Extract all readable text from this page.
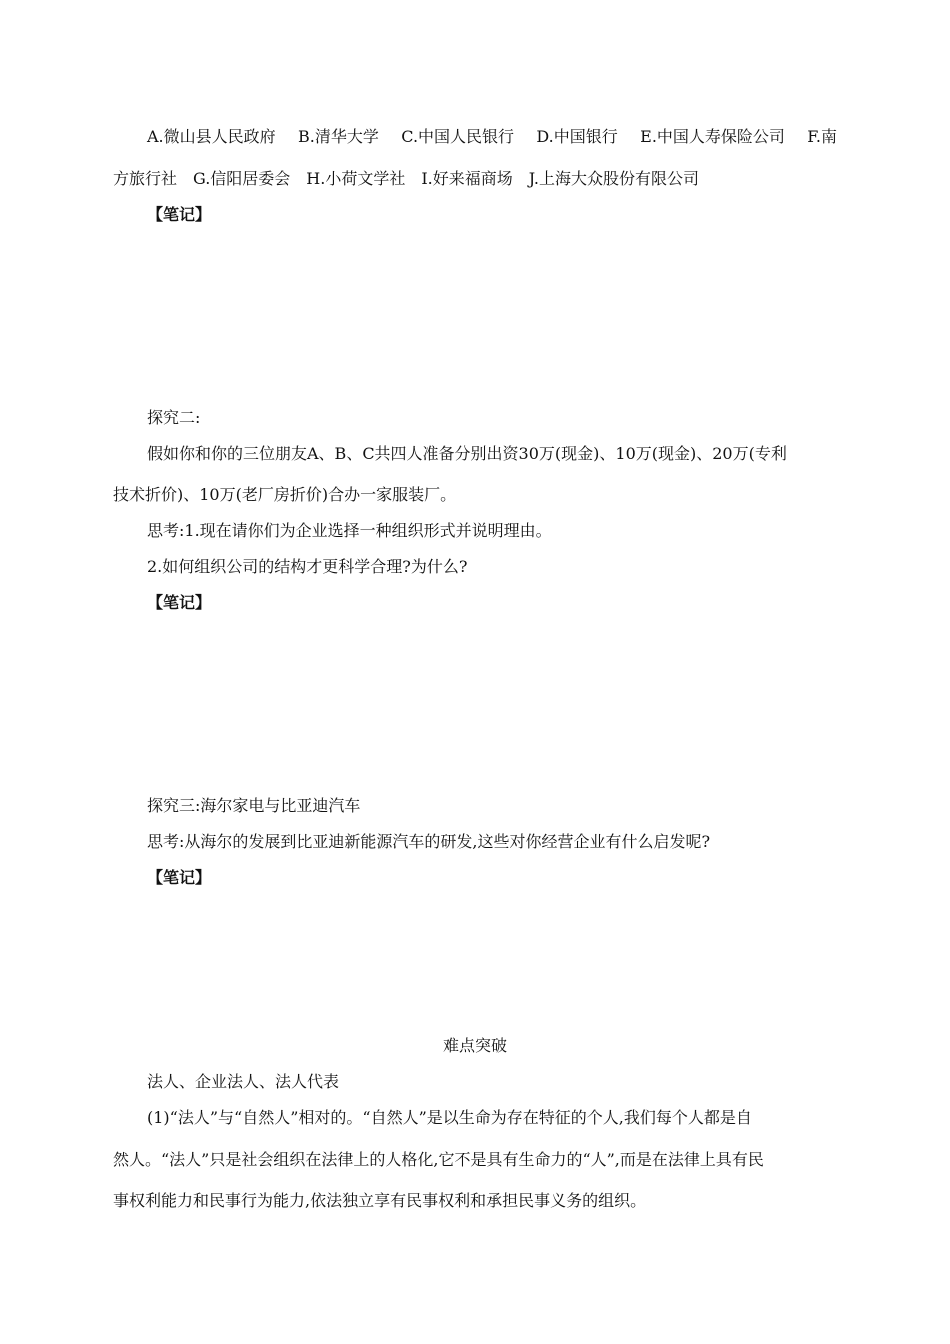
A.微山县人民政府 B.清华大学 C.中国人民银行 D.中国银行 E.中国人寿保险公司 F.南
方旅行社　G.信阳居委会　H.小荷文学社　I.好来福商场　J.上海大众股份有限公司
【笔记】
探究二:
假如你和你的三位朋友A、B、C共四人准备分别出资30万(现金)、10万(现金)、20万(专利
技术折价)、10万(老厂房折价)合办一家服装厂。
思考:1.现在请你们为企业选择一种组织形式并说明理由。
2.如何组织公司的结构才更科学合理?为什么?
【笔记】
探究三:海尔家电与比亚迪汽车
思考:从海尔的发展到比亚迪新能源汽车的研发,这些对你经营企业有什么启发呢?
【笔记】
难点突破
法人、企业法人、法人代表
(1)“法人”与“自然人”相对的。“自然人”是以生命为存在特征的个人,我们每个人都是自
然人。“法人”只是社会组织在法律上的人格化,它不是具有生命力的“人”,而是在法律上具有民
事权利能力和民事行为能力,依法独立享有民事权利和承担民事义务的组织。
